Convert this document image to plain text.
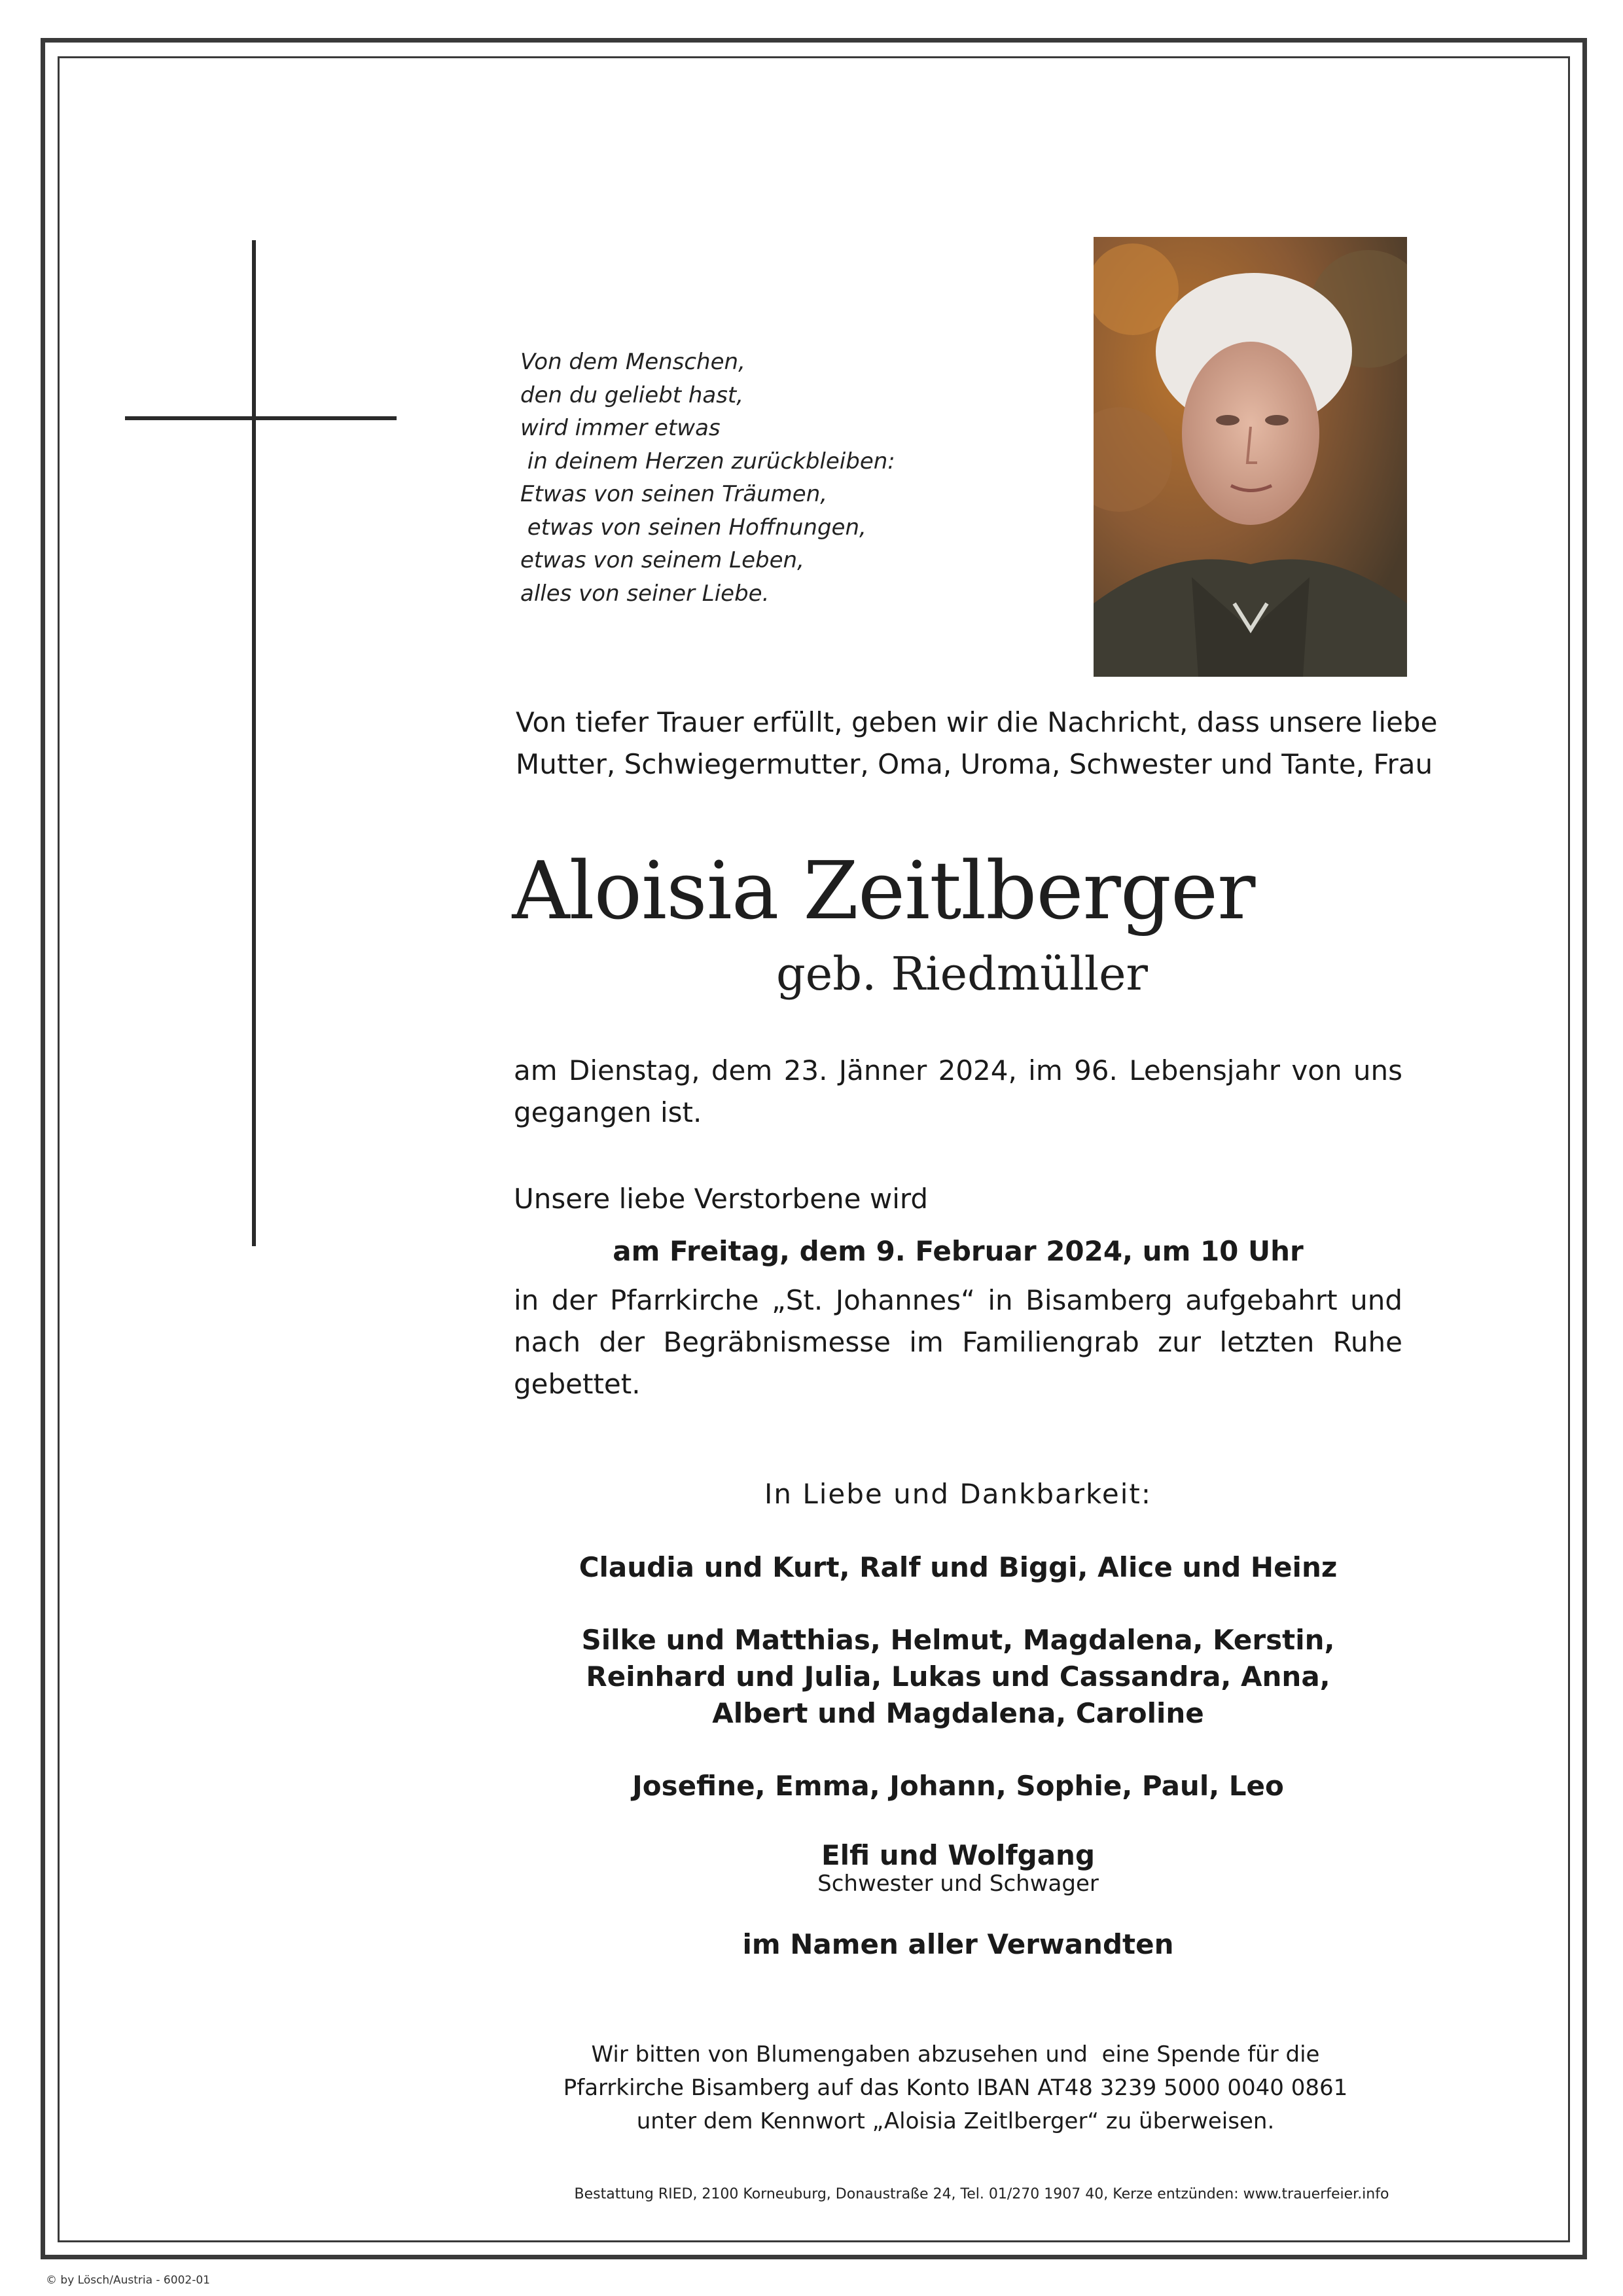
Von dem Menschen,
den du geliebt hast,
wird immer etwas
in deinem Herzen zurückbleiben:
Etwas von seinen Träumen,
etwas von seinen Hoffnungen,
etwas von seinem Leben,
alles von seiner Liebe.
Von tiefer Trauer erfüllt, geben wir die Nachricht, dass unsere liebe
Mutter, Schwiegermutter, Oma, Uroma, Schwester und Tante, Frau
Aloisia Zeitlberger
geb. Riedmüller
am Dienstag, dem 23. Jänner 2024, im 96. Lebensjahr von uns
gegangen ist.
Unsere liebe Verstorbene wird
am Freitag, dem 9. Februar 2024, um 10 Uhr
in der Pfarrkirche „St. Johannes“ in Bisamberg aufgebahrt und
nach der Begräbnismesse im Familiengrab zur letzten Ruhe
gebettet.
In Liebe und Dankbarkeit:
Claudia und Kurt, Ralf und Biggi, Alice und Heinz
Silke und Matthias, Helmut, Magdalena, Kerstin,
Reinhard und Julia, Lukas und Cassandra, Anna,
Albert und Magdalena, Caroline
Josefine, Emma, Johann, Sophie, Paul, Leo
Elfi und Wolfgang
Schwester und Schwager
im Namen aller Verwandten
Wir bitten von Blumengaben abzusehen und  eine Spende für die
Pfarrkirche Bisamberg auf das Konto IBAN AT48 3239 5000 0040 0861
unter dem Kennwort „Aloisia Zeitlberger“ zu überweisen.
Bestattung RIED, 2100 Korneuburg, Donaustraße 24, Tel. 01/270 1907 40, Kerze entzünden: www.trauerfeier.info
© by Lösch/Austria - 6002-01
